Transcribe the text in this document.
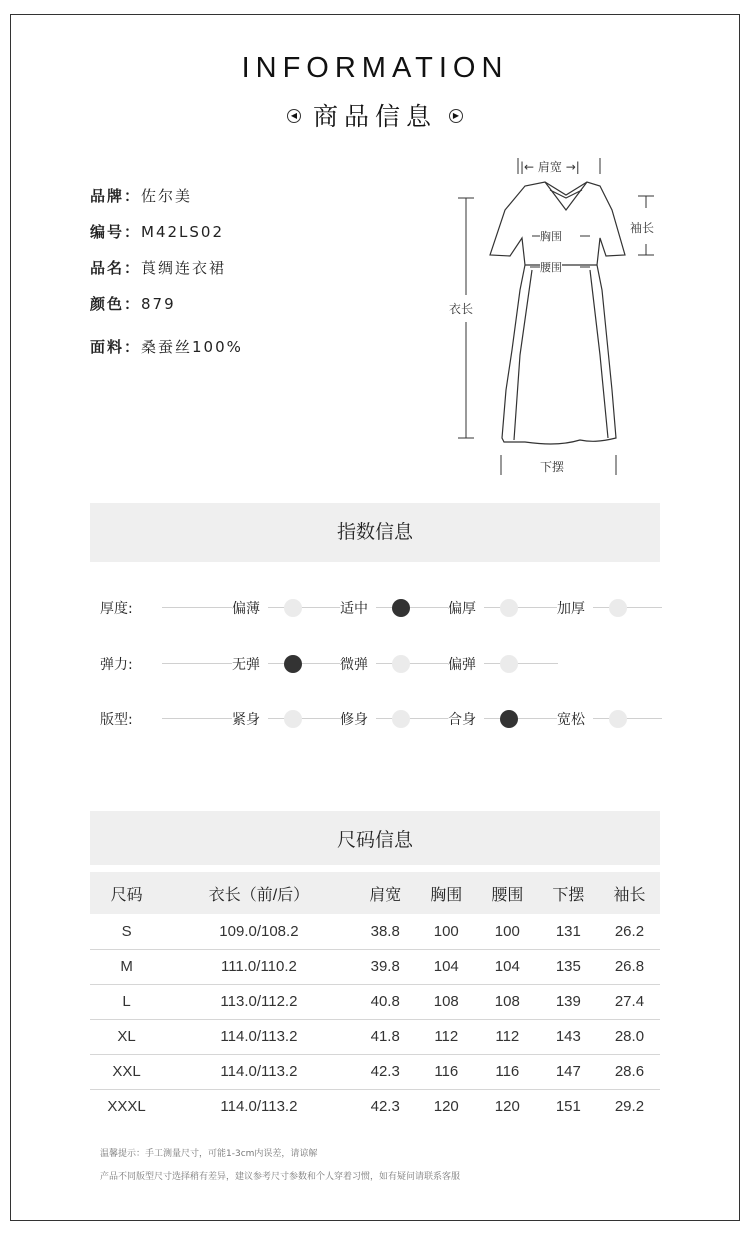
INFORMATION
◀ 商品信息 ▶
品牌：佐尔美
编号：M42LS02
品名：莨绸连衣裙
颜色：879
面料：桑蚕丝100%
|← 肩宽 →|
袖长
胸围
腰围
衣长
下摆
指数信息
厚度:	偏薄	适中	偏厚	加厚
弹力:	无弹	微弹	偏弹
版型:	紧身	修身	合身	宽松
尺码信息
尺码	衣长（前/后）	肩宽	胸围	腰围	下摆	袖长
S	109.0/108.2	38.8	100	100	131	26.2
M	111.0/110.2	39.8	104	104	135	26.8
L	113.0/112.2	40.8	108	108	139	27.4
XL	114.0/113.2	41.8	112	112	143	28.0
XXL	114.0/113.2	42.3	116	116	147	28.6
XXXL	114.0/113.2	42.3	120	120	151	29.2
温馨提示：手工测量尺寸，可能1-3cm内误差，请谅解
产品不同版型尺寸选择稍有差异，建议参考尺寸参数和个人穿着习惯，如有疑问请联系客服
